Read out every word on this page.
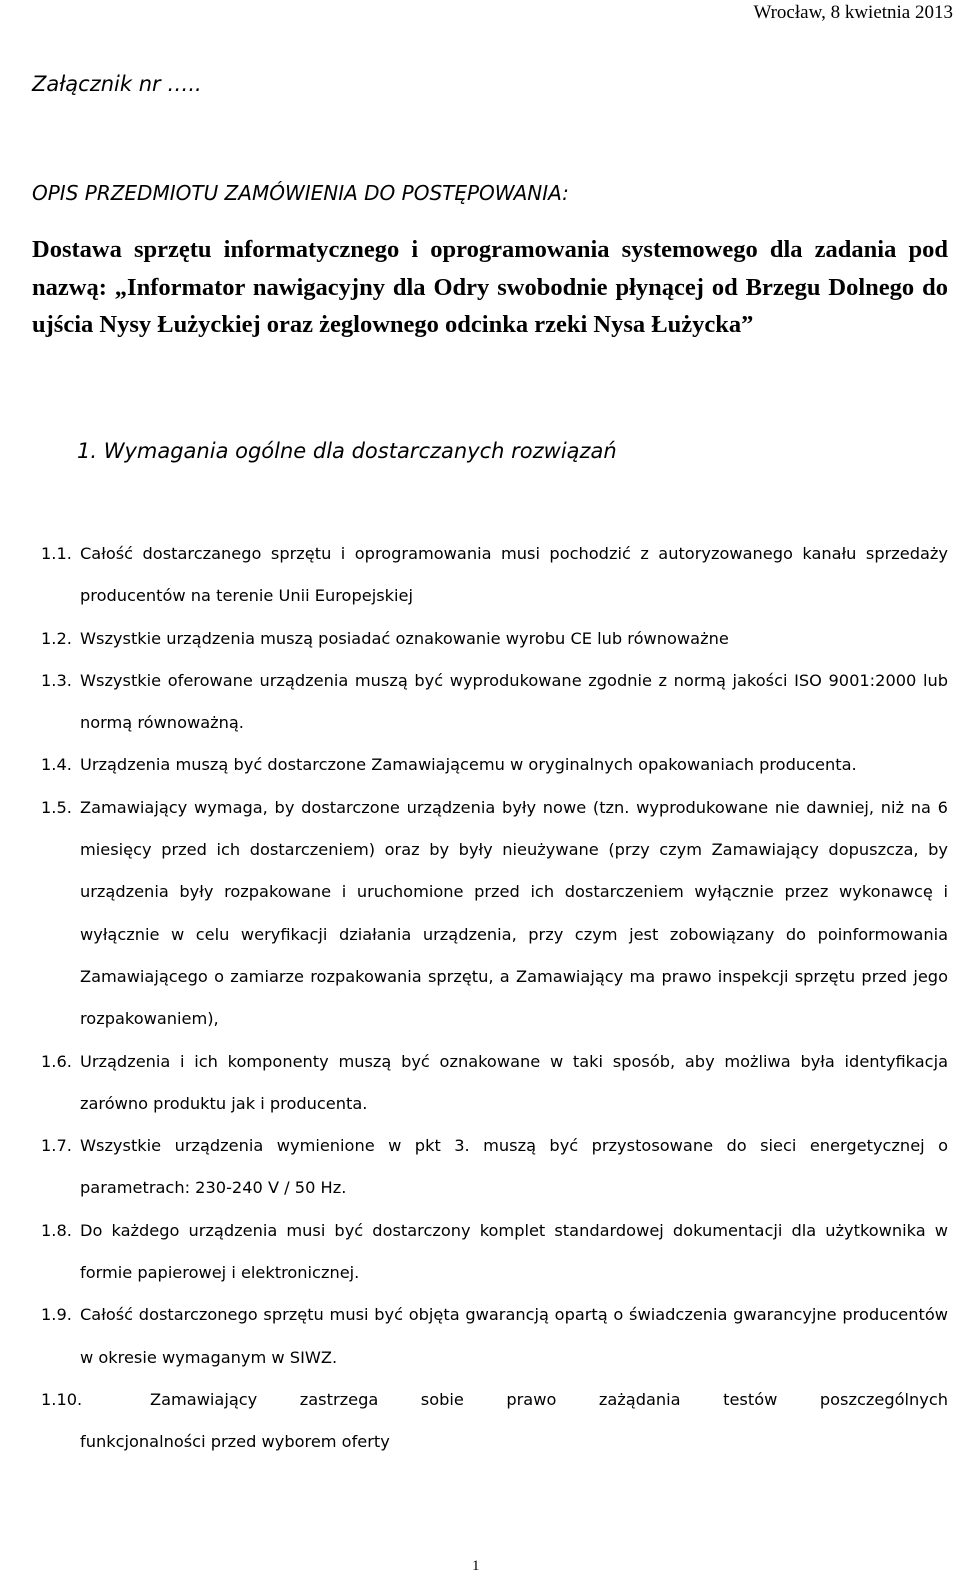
Wrocław, 8 kwietnia 2013
Załącznik nr …..
OPIS PRZEDMIOTU ZAMÓWIENIA DO POSTĘPOWANIA:

Dostawa sprzętu informatycznego i oprogramowania systemowego dla zadania pod nazwą: „Informator nawigacyjny dla Odry swobodnie płynącej od Brzegu Dolnego do ujścia Nysy Łużyckiej oraz żeglownego odcinka rzeki Nysa Łużycka”

1. Wymagania ogólne dla dostarczanych rozwiązań
1.1. Całość dostarczanego sprzętu i oprogramowania musi pochodzić z autoryzowanego kanału sprzedaży producentów na terenie Unii Europejskiej
1.2. Wszystkie urządzenia muszą posiadać oznakowanie wyrobu CE lub równoważne
1.3. Wszystkie oferowane urządzenia muszą być wyprodukowane zgodnie z normą jakości ISO 9001:2000 lub normą równoważną.
1.4. Urządzenia muszą być dostarczone Zamawiającemu w oryginalnych opakowaniach producenta.
1.5. Zamawiający wymaga, by dostarczone urządzenia były nowe (tzn. wyprodukowane nie dawniej, niż na 6 miesięcy przed ich dostarczeniem) oraz by były nieużywane (przy czym Zamawiający dopuszcza, by urządzenia były rozpakowane i uruchomione przed ich dostarczeniem wyłącznie przez wykonawcę i wyłącznie w celu weryfikacji działania urządzenia, przy czym jest zobowiązany do poinformowania Zamawiającego o zamiarze rozpakowania sprzętu, a Zamawiający ma prawo inspekcji sprzętu przed jego rozpakowaniem),
1.6. Urządzenia i ich komponenty muszą być oznakowane w taki sposób, aby możliwa była identyfikacja zarówno produktu jak i producenta.
1.7. Wszystkie urządzenia wymienione w pkt 3. muszą być przystosowane do sieci energetycznej o parametrach: 230-240 V / 50 Hz.
1.8. Do każdego urządzenia musi być dostarczony komplet standardowej dokumentacji dla użytkownika w formie papierowej i elektronicznej.
1.9. Całość dostarczonego sprzętu musi być objęta gwarancją opartą o świadczenia gwarancyjne producentów w okresie wymaganym w SIWZ.
1.10.	Zamawiający zastrzega sobie prawo zażądania testów poszczególnych
funkcjonalności przed wyborem oferty
1
